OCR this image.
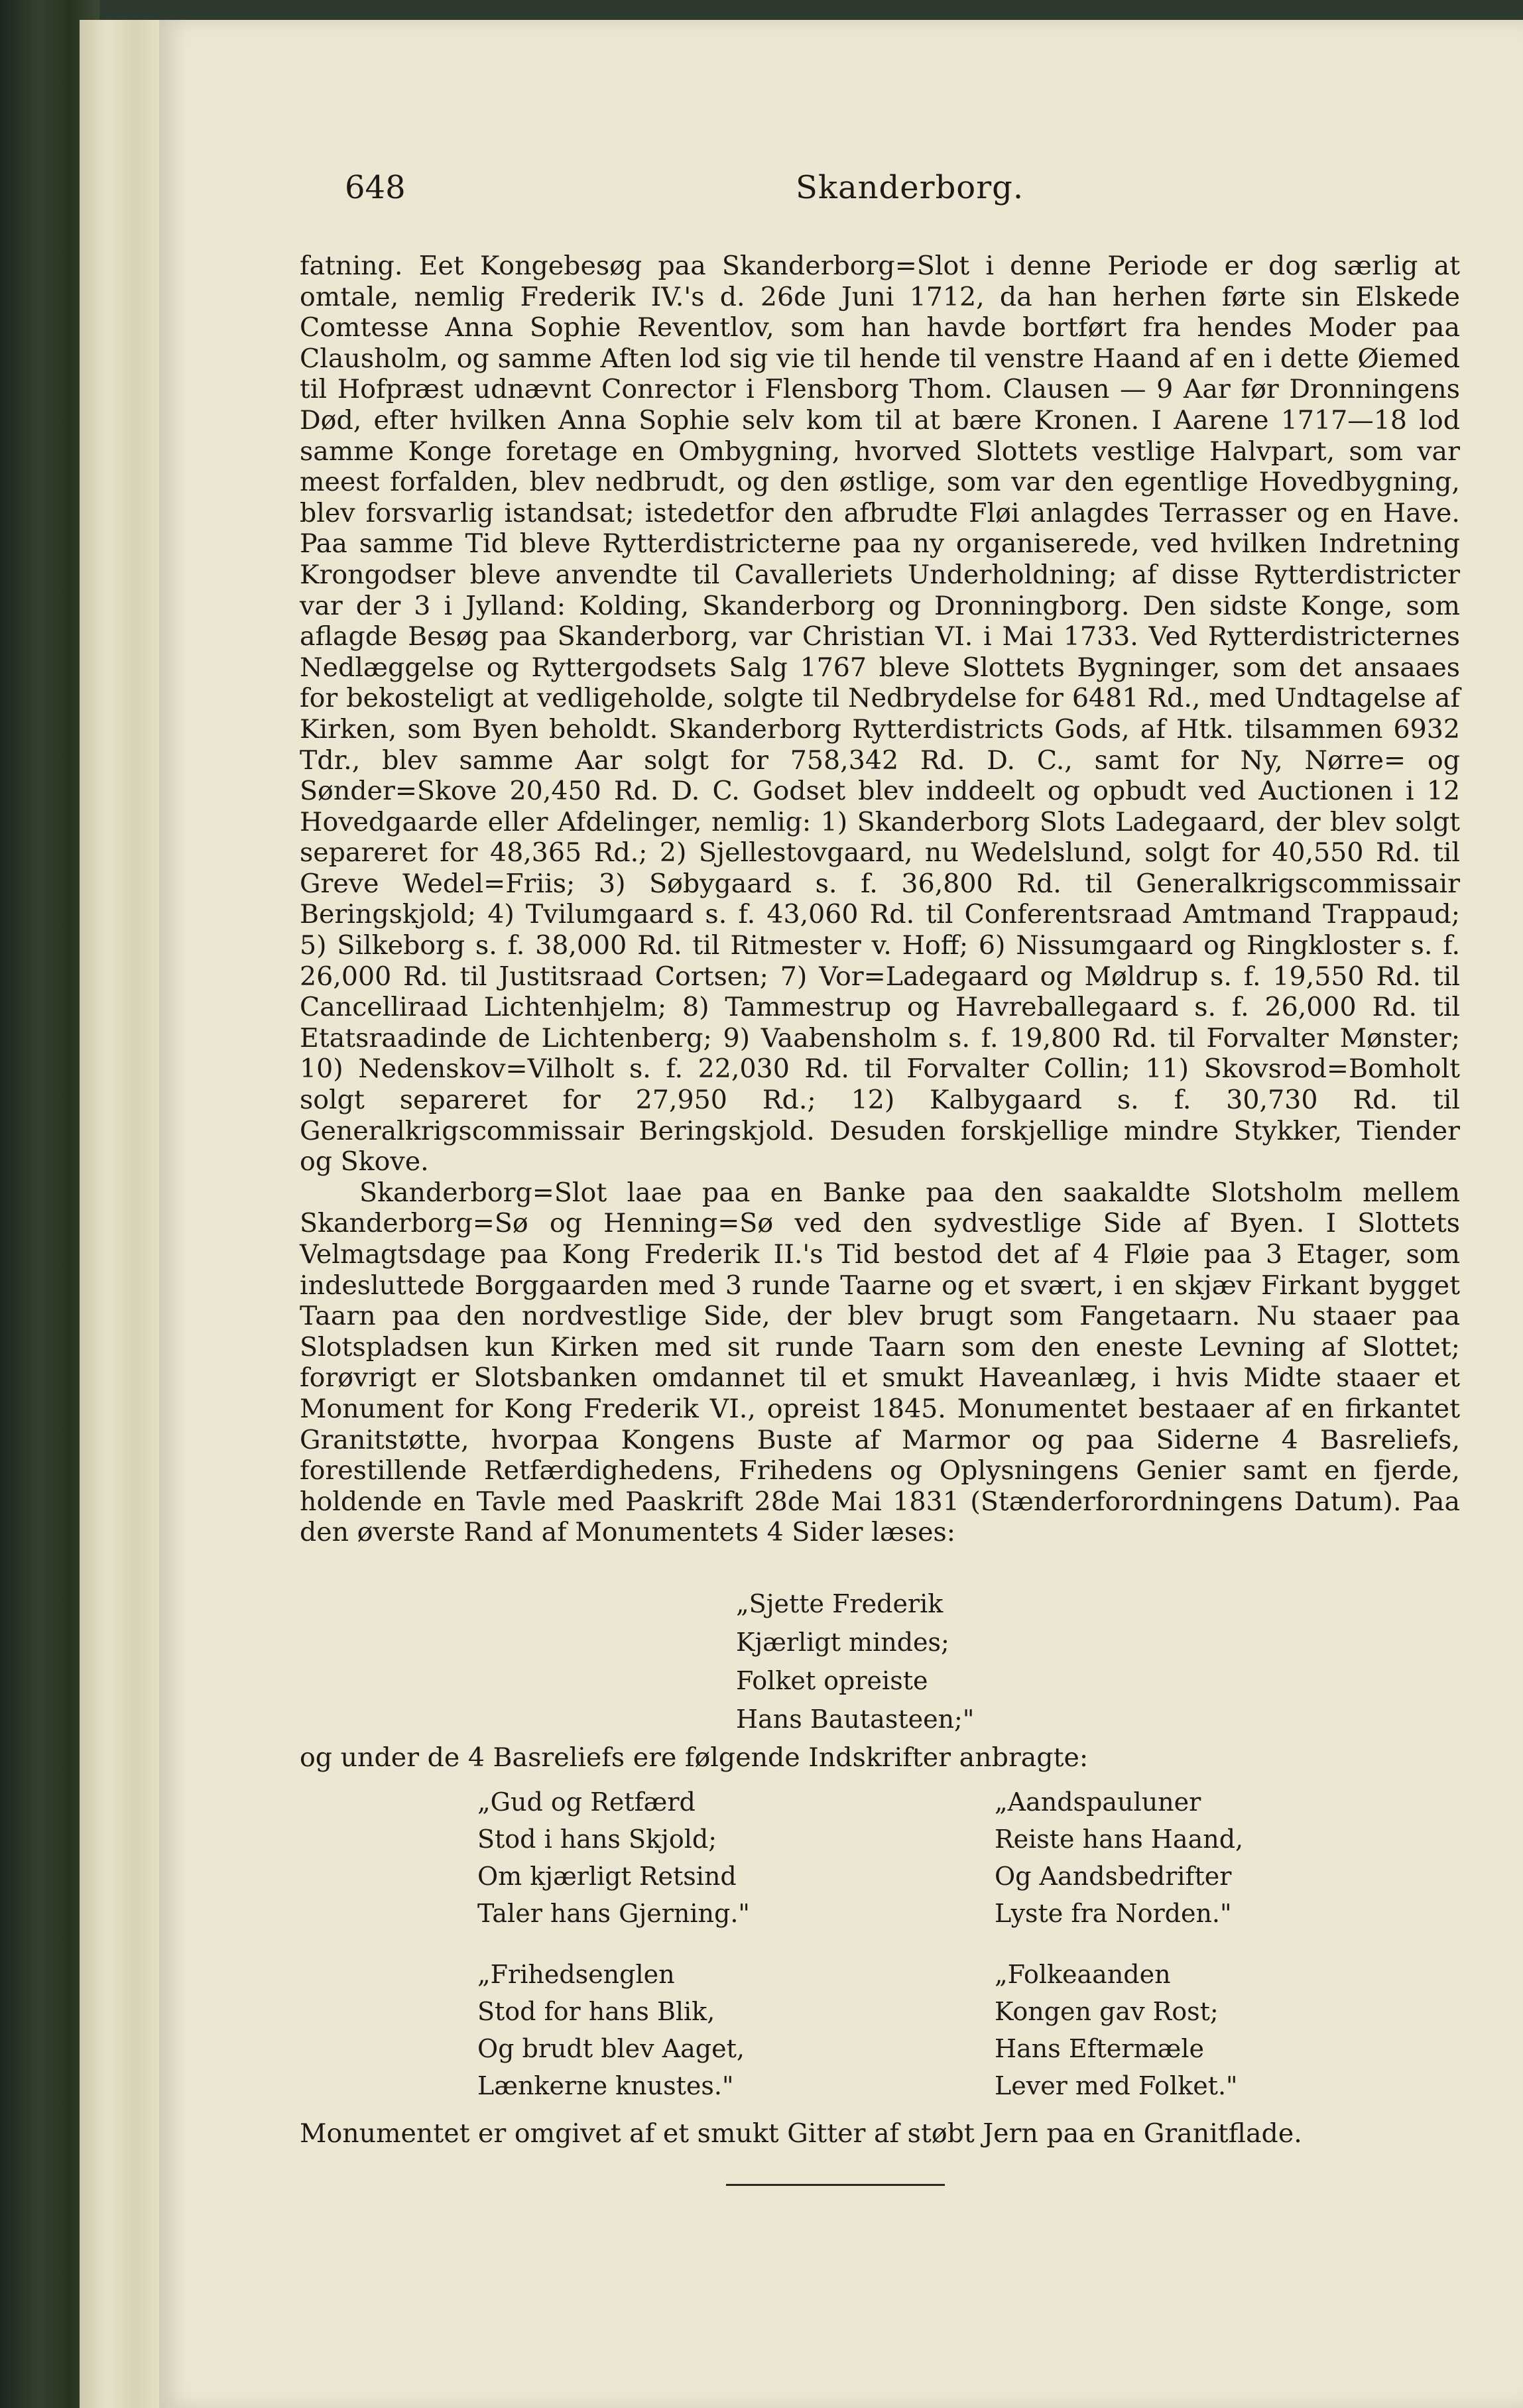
648	Skanderborg.

fatning. Eet Kongebesøg paa Skanderborg=Slot i denne Periode er dog særlig at omtale, nemlig Frederik IV.'s d. 26de Juni 1712, da han herhen førte sin Elskede Comtesse Anna Sophie Reventlov, som han havde bortført fra hendes Moder paa Clausholm, og samme Aften lod sig vie til hende til venstre Haand af en i dette Øiemed til Hofpræst udnævnt Conrector i Flensborg Thom. Clausen — 9 Aar før Dronningens Død, efter hvilken Anna Sophie selv kom til at bære Kronen. I Aarene 1717—18 lod samme Konge foretage en Ombygning, hvorved Slottets vestlige Halvpart, som var meest forfalden, blev nedbrudt, og den østlige, som var den egentlige Hovedbygning, blev forsvarlig istandsat; istedetfor den afbrudte Fløi anlagdes Terrasser og en Have. Paa samme Tid bleve Rytterdistricterne paa ny organiserede, ved hvilken Indretning Krongodser bleve anvendte til Cavalleriets Underholdning; af disse Rytterdistricter var der 3 i Jylland: Kolding, Skanderborg og Dronningborg. Den sidste Konge, som aflagde Besøg paa Skanderborg, var Christian VI. i Mai 1733. Ved Rytterdistricternes Nedlæggelse og Ryttergodsets Salg 1767 bleve Slottets Bygninger, som det ansaaes for bekosteligt at vedligeholde, solgte til Nedbrydelse for 6481 Rd., med Undtagelse af Kirken, som Byen beholdt. Skanderborg Rytterdistricts Gods, af Htk. tilsammen 6932 Tdr., blev samme Aar solgt for 758,342 Rd. D. C., samt for Ny, Nørre= og Sønder=Skove 20,450 Rd. D. C. Godset blev inddeelt og opbudt ved Auctionen i 12 Hovedgaarde eller Afdelinger, nemlig: 1) Skanderborg Slots Ladegaard, der blev solgt separeret for 48,365 Rd.; 2) Sjellestovgaard, nu Wedelslund, solgt for 40,550 Rd. til Greve Wedel=Friis; 3) Søbygaard s. f. 36,800 Rd. til Generalkrigscommissair Beringskjold; 4) Tvilumgaard s. f. 43,060 Rd. til Conferentsraad Amtmand Trappaud; 5) Silkeborg s. f. 38,000 Rd. til Ritmester v. Hoff; 6) Nissumgaard og Ringkloster s. f. 26,000 Rd. til Justitsraad Cortsen; 7) Vor=Ladegaard og Møldrup s. f. 19,550 Rd. til Cancelliraad Lichtenhjelm; 8) Tammestrup og Havreballegaard s. f. 26,000 Rd. til Etatsraadinde de Lichtenberg; 9) Vaabensholm s. f. 19,800 Rd. til Forvalter Mønster; 10) Nedenskov=Vilholt s. f. 22,030 Rd. til Forvalter Collin; 11) Skovsrod=Bomholt solgt separeret for 27,950 Rd.; 12) Kalbygaard s. f. 30,730 Rd. til Generalkrigscommissair Beringskjold. Desuden forskjellige mindre Stykker, Tiender og Skove.

Skanderborg=Slot laae paa en Banke paa den saakaldte Slotsholm mellem Skanderborg=Sø og Henning=Sø ved den sydvestlige Side af Byen. I Slottets Velmagtsdage paa Kong Frederik II.'s Tid bestod det af 4 Fløie paa 3 Etager, som indesluttede Borggaarden med 3 runde Taarne og et svært, i en skjæv Firkant bygget Taarn paa den nordvestlige Side, der blev brugt som Fangetaarn. Nu staaer paa Slotspladsen kun Kirken med sit runde Taarn som den eneste Levning af Slottet; forøvrigt er Slotsbanken omdannet til et smukt Haveanlæg, i hvis Midte staaer et Monument for Kong Frederik VI., opreist 1845. Monumentet bestaaer af en firkantet Granitstøtte, hvorpaa Kongens Buste af Marmor og paa Siderne 4 Basreliefs, forestillende Retfærdighedens, Frihedens og Oplysningens Genier samt en fjerde, holdende en Tavle med Paaskrift 28de Mai 1831 (Stænderforordningens Datum). Paa den øverste Rand af Monumentets 4 Sider læses:

„Sjette Frederik
Kjærligt mindes;
Folket opreiste
Hans Bautasteen;"
og under de 4 Basreliefs ere følgende Indskrifter anbragte:
„Gud og Retfærd
Stod i hans Skjold;
Om kjærligt Retsind
Taler hans Gjerning."
„Aandspauluner
Reiste hans Haand,
Og Aandsbedrifter
Lyste fra Norden."
„Frihedsenglen
Stod for hans Blik,
Og brudt blev Aaget,
Lænkerne knustes."
„Folkeaanden
Kongen gav Rost;
Hans Eftermæle
Lever med Folket."
Monumentet er omgivet af et smukt Gitter af støbt Jern paa en Granitflade.
